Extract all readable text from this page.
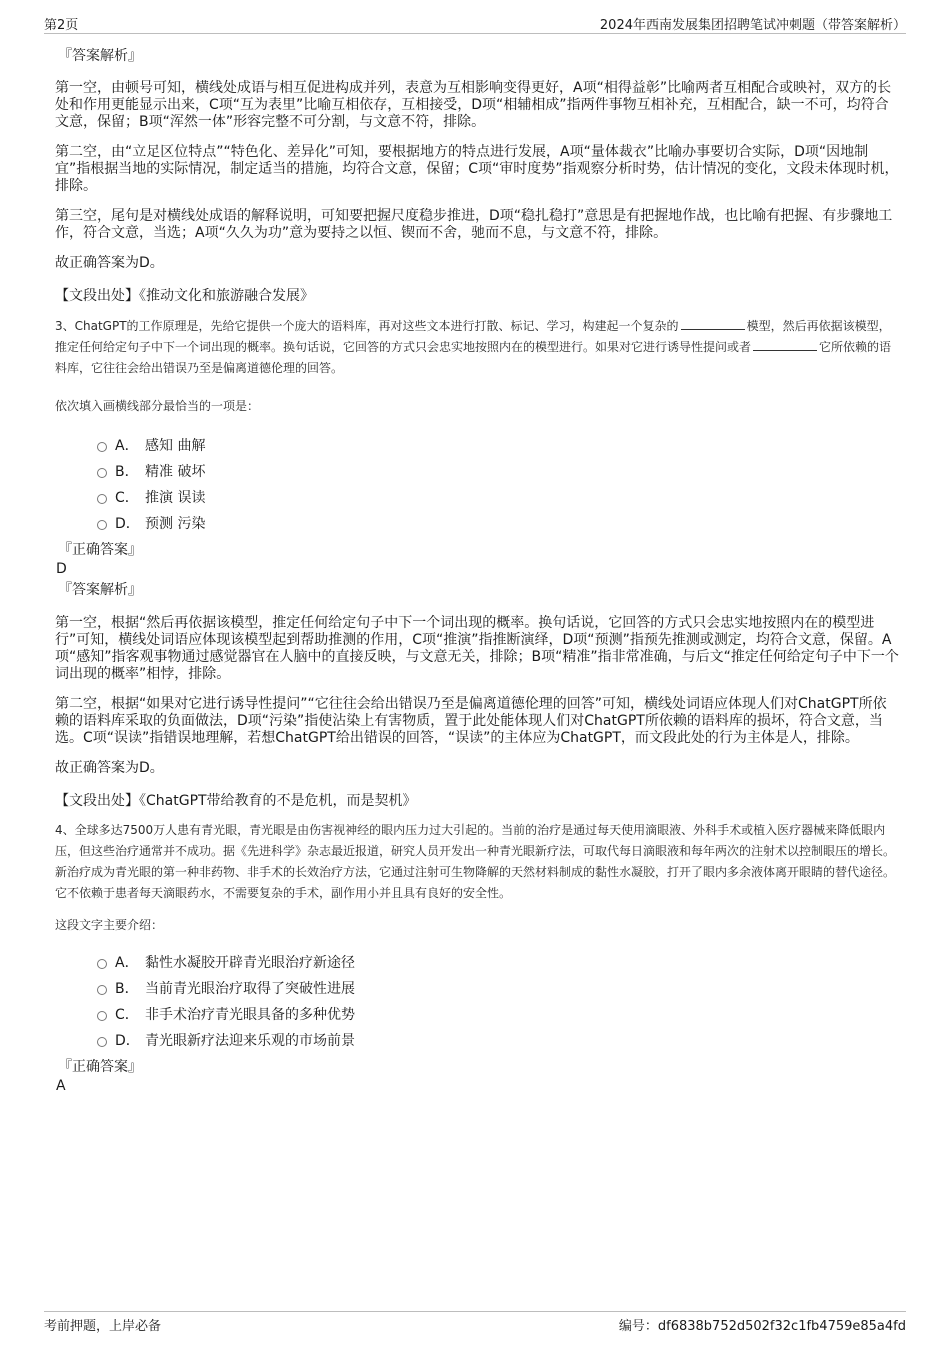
第2页	2024年西南发展集团招聘笔试冲刺题（带答案解析）
『答案解析』
第一空，由顿号可知，横线处成语与相互促进构成并列，表意为互相影响变得更好，A项“相得益彰”比喻两者互相配合或映衬，双方的长处和作用更能显示出来，C项“互为表里”比喻互相依存，互相接受，D项“相辅相成”指两件事物互相补充，互相配合，缺一不可，均符合文意，保留；B项“浑然一体”形容完整不可分割，与文意不符，排除。
第二空，由“立足区位特点”“特色化、差异化”可知，要根据地方的特点进行发展，A项“量体裁衣”比喻办事要切合实际，D项“因地制宜”指根据当地的实际情况，制定适当的措施，均符合文意，保留；C项“审时度势”指观察分析时势，估计情况的变化，文段未体现时机，排除。
第三空，尾句是对横线处成语的解释说明，可知要把握尺度稳步推进，D项“稳扎稳打”意思是有把握地作战，也比喻有把握、有步骤地工作，符合文意，当选；A项“久久为功”意为要持之以恒、锲而不舍，驰而不息，与文意不符，排除。
故正确答案为D。
【文段出处】《推动文化和旅游融合发展》
3、ChatGPT的工作原理是，先给它提供一个庞大的语料库，再对这些文本进行打散、标记、学习，构建起一个复杂的	模型，然后再依据该模型，推定任何给定句子中下一个词出现的概率。换句话说，它回答的方式只会忠实地按照内在的模型进行。如果对它进行诱导性提问或者	它所依赖的语料库，它往往会给出错误乃至是偏离道德伦理的回答。
依次填入画横线部分最恰当的一项是：
A． 感知 曲解
B． 精准 破坏
C． 推演 误读
D． 预测 污染
『正确答案』
D
『答案解析』
第一空，根据“然后再依据该模型，推定任何给定句子中下一个词出现的概率。换句话说，它回答的方式只会忠实地按照内在的模型进行”可知，横线处词语应体现该模型起到帮助推测的作用，C项“推演”指推断演绎，D项“预测”指预先推测或测定，均符合文意，保留。A项“感知”指客观事物通过感觉器官在人脑中的直接反映，与文意无关，排除；B项“精准”指非常准确，与后文“推定任何给定句子中下一个词出现的概率”相悖，排除。
第二空，根据“如果对它进行诱导性提问”“它往往会给出错误乃至是偏离道德伦理的回答”可知，横线处词语应体现人们对ChatGPT所依赖的语料库采取的负面做法，D项“污染”指使沾染上有害物质，置于此处能体现人们对ChatGPT所依赖的语料库的损坏，符合文意，当选。C项“误读”指错误地理解，若想ChatGPT给出错误的回答，“误读”的主体应为ChatGPT，而文段此处的行为主体是人，排除。
故正确答案为D。
【文段出处】《ChatGPT带给教育的不是危机，而是契机》
4、全球多达7500万人患有青光眼，青光眼是由伤害视神经的眼内压力过大引起的。当前的治疗是通过每天使用滴眼液、外科手术或植入医疗器械来降低眼内压，但这些治疗通常并不成功。据《先进科学》杂志最近报道，研究人员开发出一种青光眼新疗法，可取代每日滴眼液和每年两次的注射术以控制眼压的增长。新治疗成为青光眼的第一种非药物、非手术的长效治疗方法，它通过注射可生物降解的天然材料制成的黏性水凝胶，打开了眼内多余液体离开眼睛的替代途径。它不依赖于患者每天滴眼药水，不需要复杂的手术，副作用小并且具有良好的安全性。
这段文字主要介绍：
A． 黏性水凝胶开辟青光眼治疗新途径
B． 当前青光眼治疗取得了突破性进展
C． 非手术治疗青光眼具备的多种优势
D． 青光眼新疗法迎来乐观的市场前景
『正确答案』
A
考前押题，上岸必备	编号：df6838b752d502f32c1fb4759e85a4fd
